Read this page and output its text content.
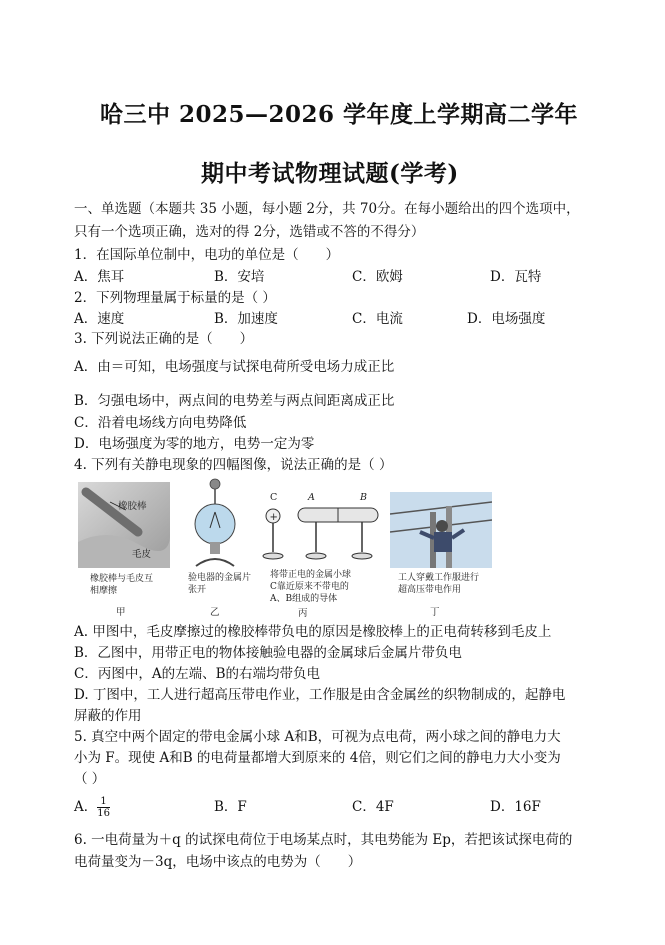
哈三中 2025—2026 学年度上学期高二学年
期中考试物理试题(学考)
一、单选题（本题共 35 小题，每小题 2分，共 70分。在每小题给出的四个选项中，
只有一个选项正确，选对的得 2分，选错或不答的不得分）
1．在国际单位制中，电功的单位是（　　）
A．焦耳	B．安培	C．欧姆	D．瓦特
2．下列物理量属于标量的是（ ）
A．速度	B．加速度	C．电流	D．电场强度
3. 下列说法正确的是（　　）
A．由＝可知，电场强度与试探电荷所受电场力成正比
B．匀强电场中，两点间的电势差与两点间距离成正比
C．沿着电场线方向电势降低
D．电场强度为零的地方，电势一定为零
4. 下列有关静电现象的四幅图像，说法正确的是（ ）
橡胶棒
毛皮
橡胶棒与毛皮互相摩擦
甲
验电器的金属片张开
乙
C	A	B
+
将带正电的金属小球C靠近原来不带电的A、B组成的导体
丙
工人穿戴工作服进行超高压带电作用
丁
A. 甲图中，毛皮摩擦过的橡胶棒带负电的原因是橡胶棒上的正电荷转移到毛皮上
B．乙图中，用带正电的物体接触验电器的金属球后金属片带负电
C．丙图中，A的左端、B的右端均带负电
D. 丁图中，工人进行超高压带电作业，工作服是由含金属丝的织物制成的，起静电
屏蔽的作用
5. 真空中两个固定的带电金属小球 A和B，可视为点电荷，两小球之间的静电力大
小为 F。现使 A和B 的电荷量都增大到原来的 4倍，则它们之间的静电力大小变为
（ ）
A． $\frac{1}{16}$	B．F	C．4F	D．16F
6. 一电荷量为＋q 的试探电荷位于电场某点时，其电势能为 Ep，若把该试探电荷的
电荷量变为－3q，电场中该点的电势为（　　）
